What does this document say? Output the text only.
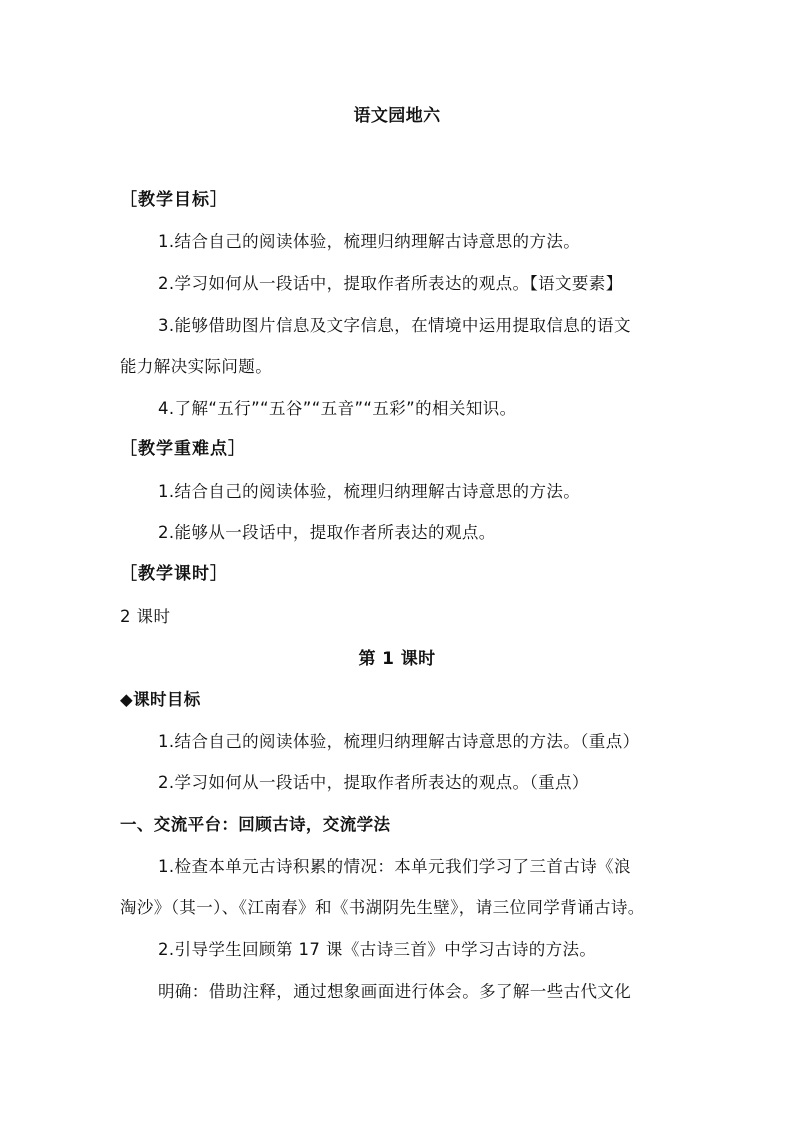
语文园地六
［教学目标］
1.结合自己的阅读体验，梳理归纳理解古诗意思的方法。
2.学习如何从一段话中，提取作者所表达的观点。【语文要素】
3.能够借助图片信息及文字信息，在情境中运用提取信息的语文
能力解决实际问题。
4.了解“五行”“五谷”“五音”“五彩”的相关知识。
［教学重难点］
1.结合自己的阅读体验，梳理归纳理解古诗意思的方法。
2.能够从一段话中，提取作者所表达的观点。
［教学课时］
2 课时
第 1 课时
◆课时目标
1.结合自己的阅读体验，梳理归纳理解古诗意思的方法。（重点）
2.学习如何从一段话中，提取作者所表达的观点。（重点）
一、交流平台：回顾古诗，交流学法
1.检查本单元古诗积累的情况：本单元我们学习了三首古诗《浪
淘沙》（其一）、《江南春》和《书湖阴先生壁》，请三位同学背诵古诗。
2.引导学生回顾第 17 课《古诗三首》中学习古诗的方法。
明确：借助注释，通过想象画面进行体会。多了解一些古代文化
